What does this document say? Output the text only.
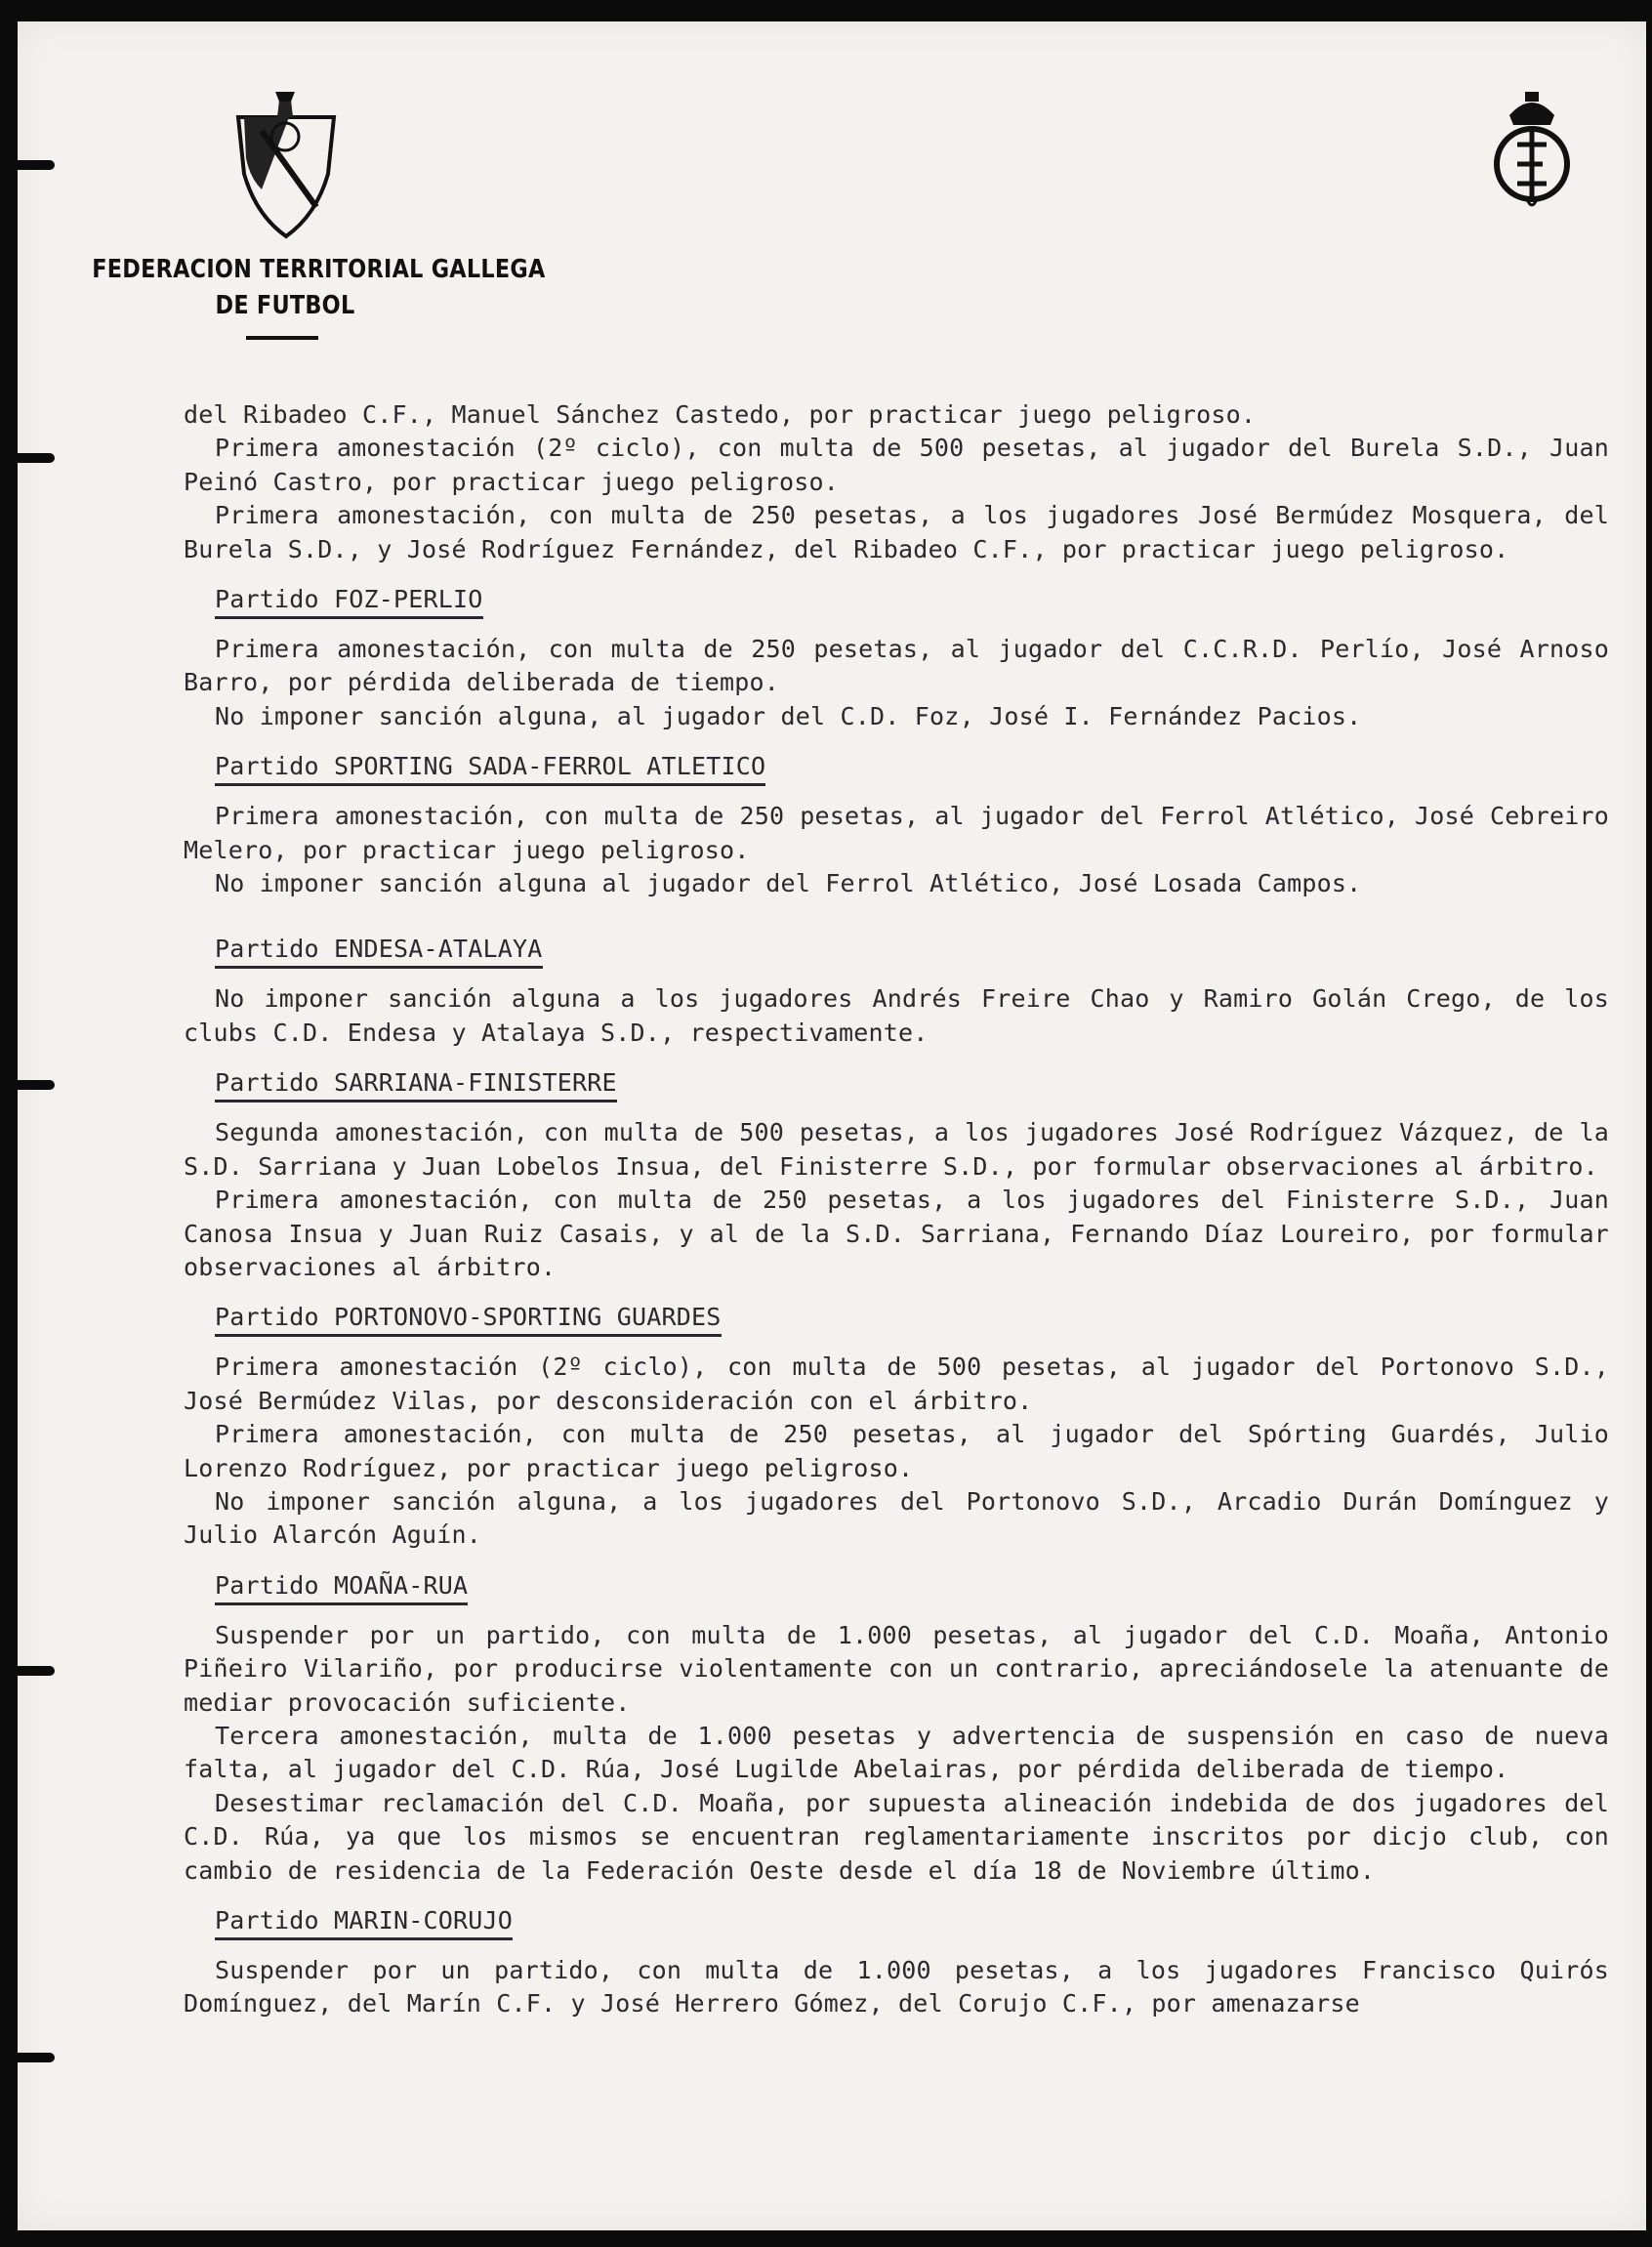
FEDERACION TERRITORIAL GALLEGA
DE FUTBOL
del Ribadeo C.F., Manuel Sánchez Castedo, por practicar juego peligroso.
Primera amonestación (2º ciclo), con multa de 500 pesetas, al jugador del Burela S.D., Juan Peinó Castro, por practicar juego peligroso.
Primera amonestación, con multa de 250 pesetas, a los jugadores José Bermúdez Mosquera, del Burela S.D., y José Rodríguez Fernández, del Ribadeo C.F., por practicar juego peligroso.
Partido FOZ-PERLIO
Primera amonestación, con multa de 250 pesetas, al jugador del C.C.R.D. Perlío, José Arnoso Barro, por pérdida deliberada de tiempo.
No imponer sanción alguna, al jugador del C.D. Foz, José I. Fernández Pacios.
Partido SPORTING SADA-FERROL ATLETICO
Primera amonestación, con multa de 250 pesetas, al jugador del Ferrol Atlético, José Cebreiro Melero, por practicar juego peligroso.
No imponer sanción alguna al jugador del Ferrol Atlético, José Losada Campos.
Partido ENDESA-ATALAYA
No imponer sanción alguna a los jugadores Andrés Freire Chao y Ramiro Golán Crego, de los clubs C.D. Endesa y Atalaya S.D., respectivamente.
Partido SARRIANA-FINISTERRE
Segunda amonestación, con multa de 500 pesetas, a los jugadores José Rodríguez Vázquez, de la S.D. Sarriana y Juan Lobelos Insua, del Finisterre S.D., por formular observaciones al árbitro.
Primera amonestación, con multa de 250 pesetas, a los jugadores del Finisterre S.D., Juan Canosa Insua y Juan Ruiz Casais, y al de la S.D. Sarriana, Fernando Díaz Loureiro, por formular observaciones al árbitro.
Partido PORTONOVO-SPORTING GUARDES
Primera amonestación (2º ciclo), con multa de 500 pesetas, al jugador del Portonovo S.D., José Bermúdez Vilas, por desconsideración con el árbitro.
Primera amonestación, con multa de 250 pesetas, al jugador del Spórting Guardés, Julio Lorenzo Rodríguez, por practicar juego peligroso.
No imponer sanción alguna, a los jugadores del Portonovo S.D., Arcadio Durán Domínguez y Julio Alarcón Aguín.
Partido MOAÑA-RUA
Suspender por un partido, con multa de 1.000 pesetas, al jugador del C.D. Moaña, Antonio Piñeiro Vilariño, por producirse violentamente con un contrario, apreciándosele la atenuante de mediar provocación suficiente.
Tercera amonestación, multa de 1.000 pesetas y advertencia de suspensión en caso de nueva falta, al jugador del C.D. Rúa, José Lugilde Abelairas, por pérdida deliberada de tiempo.
Desestimar reclamación del C.D. Moaña, por supuesta alineación indebida de dos jugadores del C.D. Rúa, ya que los mismos se encuentran reglamentariamente inscritos por dicjo club, con cambio de residencia de la Federación Oeste desde el día 18 de Noviembre último.
Partido MARIN-CORUJO
Suspender por un partido, con multa de 1.000 pesetas, a los jugadores Francisco Quirós Domínguez, del Marín C.F. y José Herrero Gómez, del Corujo C.F., por amenazarse
